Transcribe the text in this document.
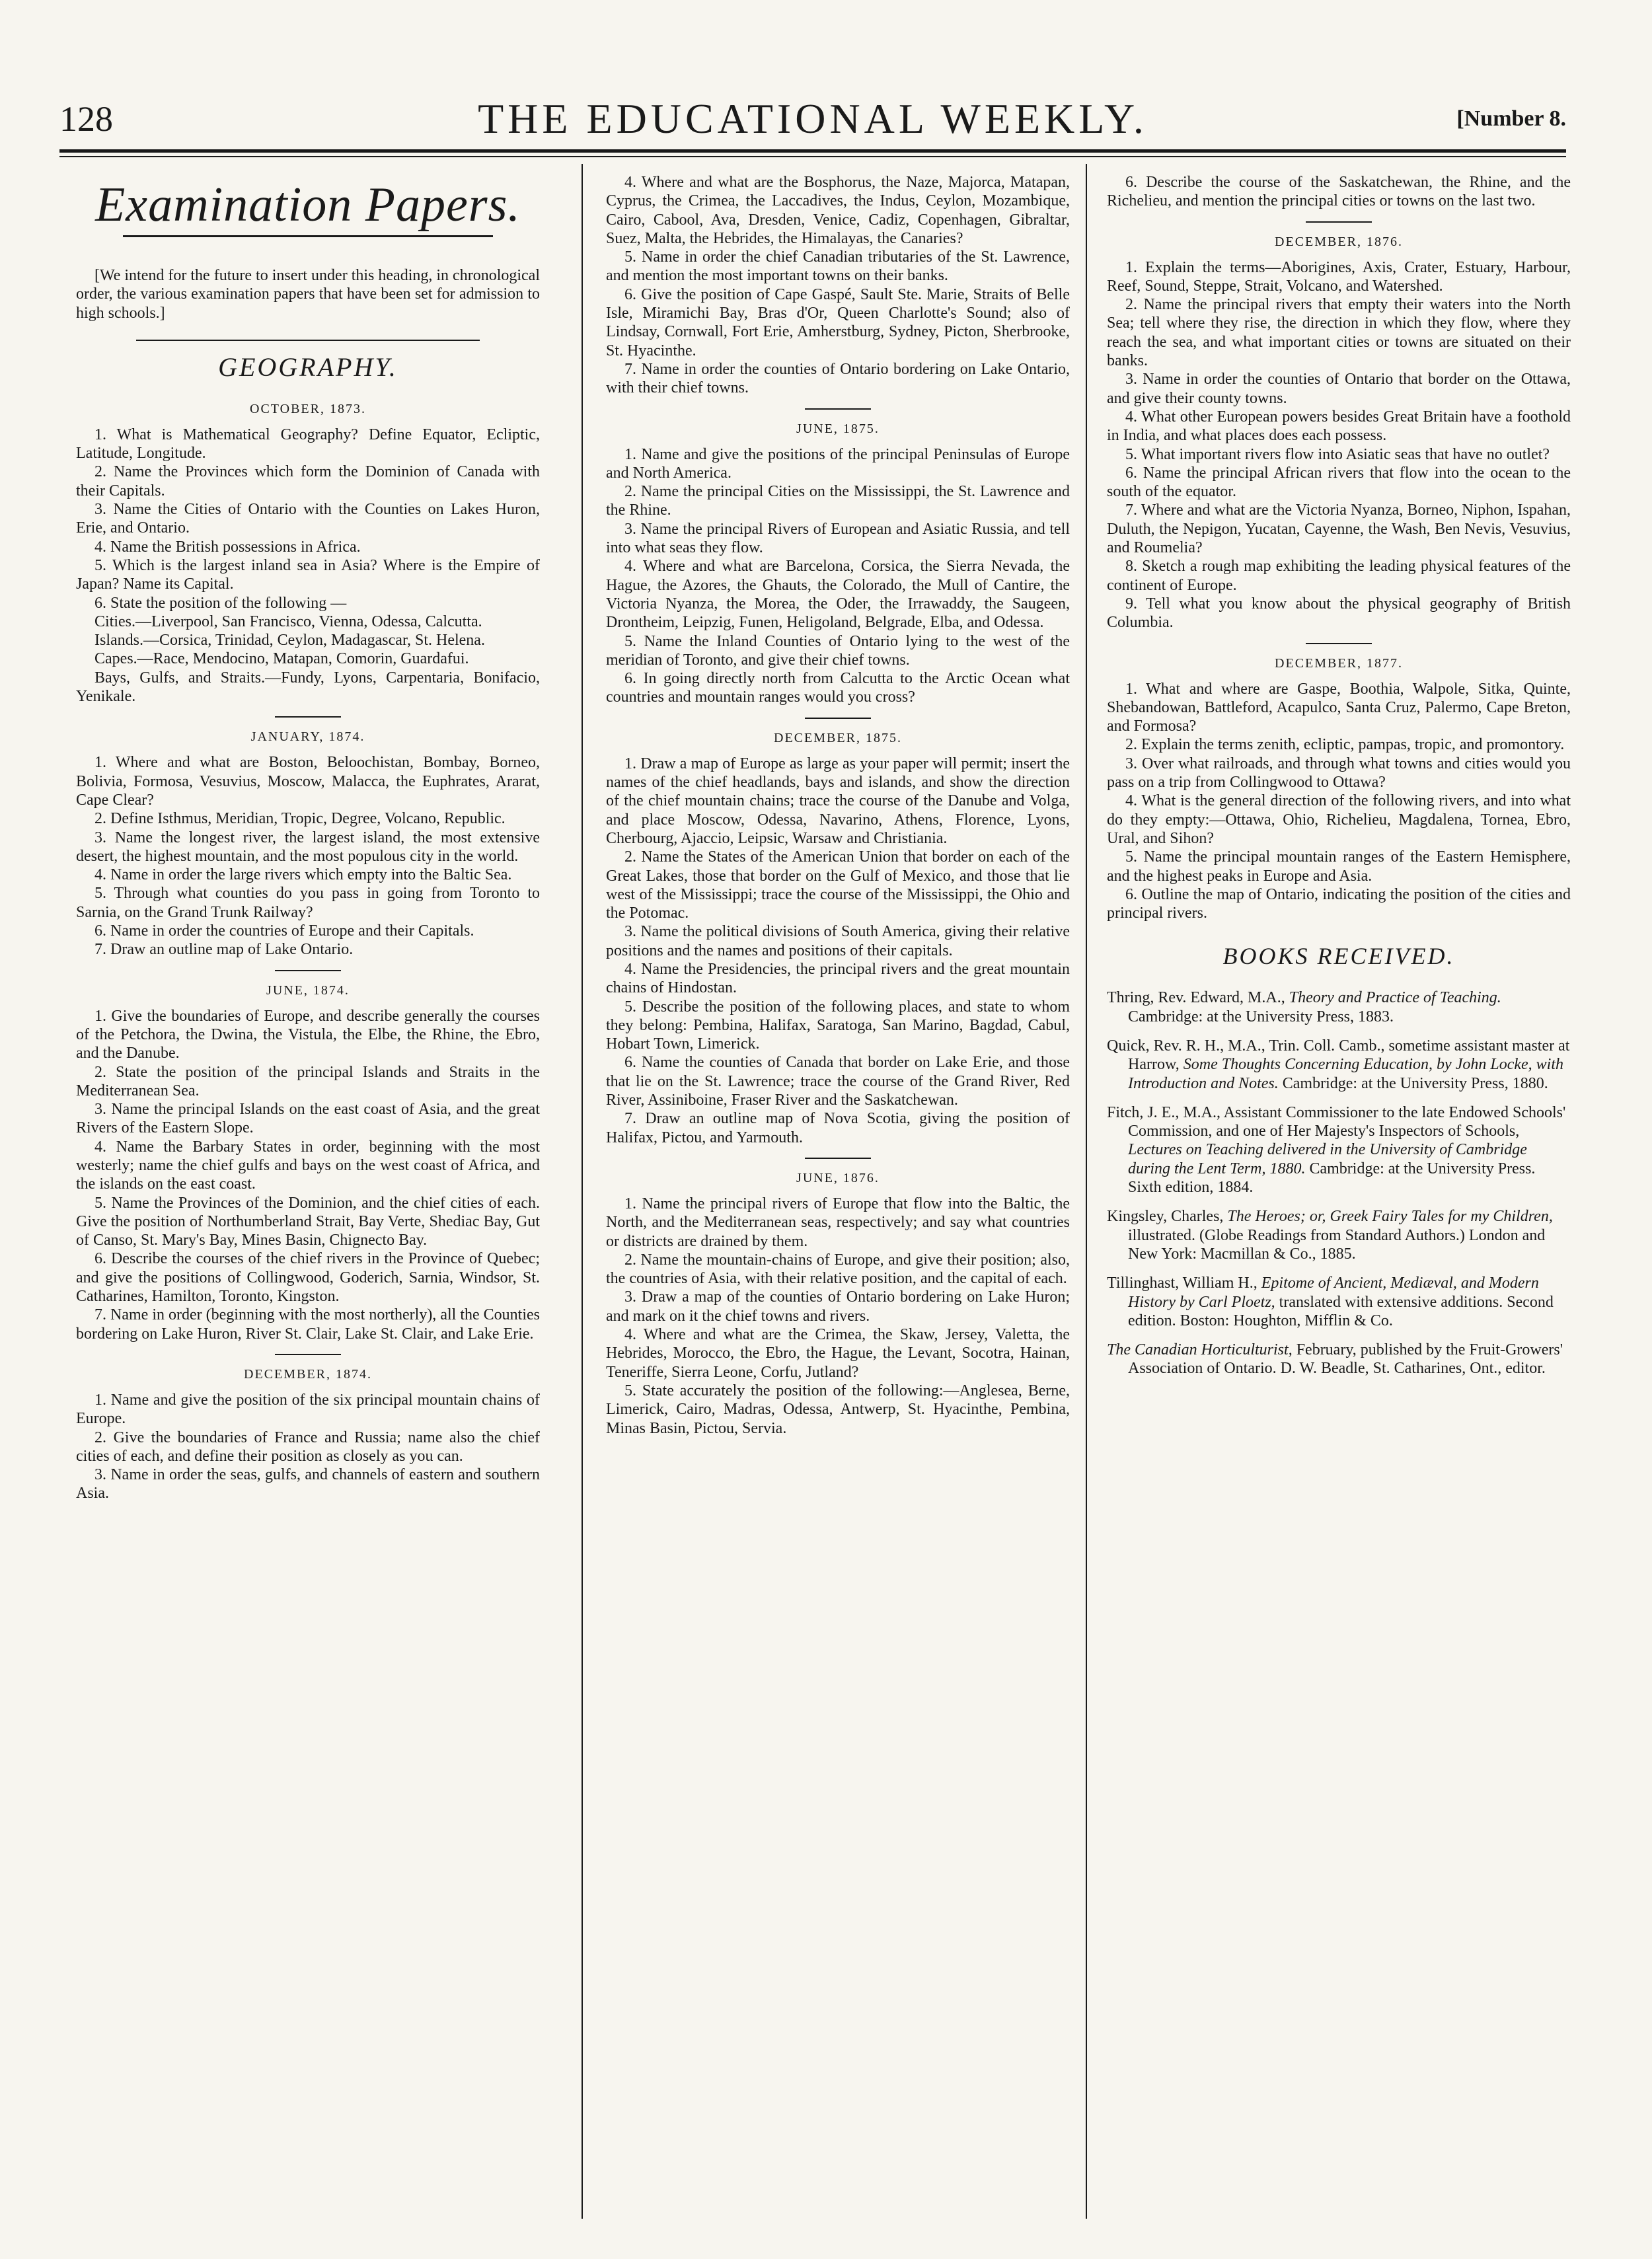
128	THE EDUCATIONAL WEEKLY.	[Number 8.
Examination Papers.

[We intend for the future to insert under this heading, in chronological order, the various examination papers that have been set for admission to high schools.]

GEOGRAPHY.
OCTOBER, 1873.

1. What is Mathematical Geography? Define Equator, Ecliptic, Latitude, Longitude.

2. Name the Provinces which form the Dominion of Canada with their Capitals.

3. Name the Cities of Ontario with the Counties on Lakes Huron, Erie, and Ontario.

4. Name the British possessions in Africa.

5. Which is the largest inland sea in Asia? Where is the Empire of Japan? Name its Capital.

6. State the position of the following —

Cities.—Liverpool, San Francisco, Vienna, Odessa, Calcutta.

Islands.—Corsica, Trinidad, Ceylon, Madagascar, St. Helena.

Capes.—Race, Mendocino, Matapan, Comorin, Guardafui.

Bays, Gulfs, and Straits.—Fundy, Lyons, Carpentaria, Bonifacio, Yenikale.

JANUARY, 1874.

1. Where and what are Boston, Beloochistan, Bombay, Borneo, Bolivia, Formosa, Vesuvius, Moscow, Malacca, the Euphrates, Ararat, Cape Clear?

2. Define Isthmus, Meridian, Tropic, Degree, Volcano, Republic.

3. Name the longest river, the largest island, the most extensive desert, the highest mountain, and the most populous city in the world.

4. Name in order the large rivers which empty into the Baltic Sea.

5. Through what counties do you pass in going from Toronto to Sarnia, on the Grand Trunk Railway?

6. Name in order the countries of Europe and their Capitals.

7. Draw an outline map of Lake Ontario.

JUNE, 1874.

1. Give the boundaries of Europe, and describe generally the courses of the Petchora, the Dwina, the Vistula, the Elbe, the Rhine, the Ebro, and the Danube.

2. State the position of the principal Islands and Straits in the Mediterranean Sea.

3. Name the principal Islands on the east coast of Asia, and the great Rivers of the Eastern Slope.

4. Name the Barbary States in order, beginning with the most westerly; name the chief gulfs and bays on the west coast of Africa, and the islands on the east coast.

5. Name the Provinces of the Dominion, and the chief cities of each. Give the position of Northumberland Strait, Bay Verte, Shediac Bay, Gut of Canso, St. Mary's Bay, Mines Basin, Chignecto Bay.

6. Describe the courses of the chief rivers in the Province of Quebec; and give the positions of Collingwood, Goderich, Sarnia, Windsor, St. Catharines, Hamilton, Toronto, Kingston.

7. Name in order (beginning with the most northerly), all the Counties bordering on Lake Huron, River St. Clair, Lake St. Clair, and Lake Erie.

DECEMBER, 1874.

1. Name and give the position of the six principal mountain chains of Europe.

2. Give the boundaries of France and Russia; name also the chief cities of each, and define their position as closely as you can.

3. Name in order the seas, gulfs, and channels of eastern and southern Asia.

4. Where and what are the Bosphorus, the Naze, Majorca, Matapan, Cyprus, the Crimea, the Laccadives, the Indus, Ceylon, Mozambique, Cairo, Cabool, Ava, Dresden, Venice, Cadiz, Copenhagen, Gibraltar, Suez, Malta, the Hebrides, the Himalayas, the Canaries?

5. Name in order the chief Canadian tributaries of the St. Lawrence, and mention the most important towns on their banks.

6. Give the position of Cape Gaspé, Sault Ste. Marie, Straits of Belle Isle, Miramichi Bay, Bras d'Or, Queen Charlotte's Sound; also of Lindsay, Cornwall, Fort Erie, Amherstburg, Sydney, Picton, Sherbrooke, St. Hyacinthe.

7. Name in order the counties of Ontario bordering on Lake Ontario, with their chief towns.

JUNE, 1875.

1. Name and give the positions of the principal Peninsulas of Europe and North America.

2. Name the principal Cities on the Mississippi, the St. Lawrence and the Rhine.

3. Name the principal Rivers of European and Asiatic Russia, and tell into what seas they flow.

4. Where and what are Barcelona, Corsica, the Sierra Nevada, the Hague, the Azores, the Ghauts, the Colorado, the Mull of Cantire, the Victoria Nyanza, the Morea, the Oder, the Irrawaddy, the Saugeen, Drontheim, Leipzig, Funen, Heligoland, Belgrade, Elba, and Odessa.

5. Name the Inland Counties of Ontario lying to the west of the meridian of Toronto, and give their chief towns.

6. In going directly north from Calcutta to the Arctic Ocean what countries and mountain ranges would you cross?

DECEMBER, 1875.

1. Draw a map of Europe as large as your paper will permit; insert the names of the chief headlands, bays and islands, and show the direction of the chief mountain chains; trace the course of the Danube and Volga, and place Moscow, Odessa, Navarino, Athens, Florence, Lyons, Cherbourg, Ajaccio, Leipsic, Warsaw and Christiania.

2. Name the States of the American Union that border on each of the Great Lakes, those that border on the Gulf of Mexico, and those that lie west of the Mississippi; trace the course of the Mississippi, the Ohio and the Potomac.

3. Name the political divisions of South America, giving their relative positions and the names and positions of their capitals.

4. Name the Presidencies, the principal rivers and the great mountain chains of Hindostan.

5. Describe the position of the following places, and state to whom they belong: Pembina, Halifax, Saratoga, San Marino, Bagdad, Cabul, Hobart Town, Limerick.

6. Name the counties of Canada that border on Lake Erie, and those that lie on the St. Lawrence; trace the course of the Grand River, Red River, Assiniboine, Fraser River and the Saskatchewan.

7. Draw an outline map of Nova Scotia, giving the position of Halifax, Pictou, and Yarmouth.

JUNE, 1876.

1. Name the principal rivers of Europe that flow into the Baltic, the North, and the Mediterranean seas, respectively; and say what countries or districts are drained by them.

2. Name the mountain-chains of Europe, and give their position; also, the countries of Asia, with their relative position, and the capital of each.

3. Draw a map of the counties of Ontario bordering on Lake Huron; and mark on it the chief towns and rivers.

4. Where and what are the Crimea, the Skaw, Jersey, Valetta, the Hebrides, Morocco, the Ebro, the Hague, the Levant, Socotra, Hainan, Teneriffe, Sierra Leone, Corfu, Jutland?

5. State accurately the position of the following:—Anglesea, Berne, Limerick, Cairo, Madras, Odessa, Antwerp, St. Hyacinthe, Pembina, Minas Basin, Pictou, Servia.

6. Describe the course of the Saskatchewan, the Rhine, and the Richelieu, and mention the principal cities or towns on the last two.

DECEMBER, 1876.

1. Explain the terms—Aborigines, Axis, Crater, Estuary, Harbour, Reef, Sound, Steppe, Strait, Volcano, and Watershed.

2. Name the principal rivers that empty their waters into the North Sea; tell where they rise, the direction in which they flow, where they reach the sea, and what important cities or towns are situated on their banks.

3. Name in order the counties of Ontario that border on the Ottawa, and give their county towns.

4. What other European powers besides Great Britain have a foothold in India, and what places does each possess.

5. What important rivers flow into Asiatic seas that have no outlet?

6. Name the principal African rivers that flow into the ocean to the south of the equator.

7. Where and what are the Victoria Nyanza, Borneo, Niphon, Ispahan, Duluth, the Nepigon, Yucatan, Cayenne, the Wash, Ben Nevis, Vesuvius, and Roumelia?

8. Sketch a rough map exhibiting the leading physical features of the continent of Europe.

9. Tell what you know about the physical geography of British Columbia.

DECEMBER, 1877.

1. What and where are Gaspe, Boothia, Walpole, Sitka, Quinte, Shebandowan, Battleford, Acapulco, Santa Cruz, Palermo, Cape Breton, and Formosa?

2. Explain the terms zenith, ecliptic, pampas, tropic, and promontory.

3. Over what railroads, and through what towns and cities would you pass on a trip from Collingwood to Ottawa?

4. What is the general direction of the following rivers, and into what do they empty:—Ottawa, Ohio, Richelieu, Magdalena, Tornea, Ebro, Ural, and Sihon?

5. Name the principal mountain ranges of the Eastern Hemisphere, and the highest peaks in Europe and Asia.

6. Outline the map of Ontario, indicating the position of the cities and principal rivers.

BOOKS RECEIVED.

Thring, Rev. Edward, M.A., Theory and Practice of Teaching. Cambridge: at the University Press, 1883.

Quick, Rev. R. H., M.A., Trin. Coll. Camb., sometime assistant master at Harrow, Some Thoughts Concerning Education, by John Locke, with Introduction and Notes. Cambridge: at the University Press, 1880.

Fitch, J. E., M.A., Assistant Commissioner to the late Endowed Schools' Commission, and one of Her Majesty's Inspectors of Schools, Lectures on Teaching delivered in the University of Cambridge during the Lent Term, 1880. Cambridge: at the University Press. Sixth edition, 1884.

Kingsley, Charles, The Heroes; or, Greek Fairy Tales for my Children, illustrated. (Globe Readings from Standard Authors.) London and New York: Macmillan & Co., 1885.

Tillinghast, William H., Epitome of Ancient, Mediæval, and Modern History by Carl Ploetz, translated with extensive additions. Second edition. Boston: Houghton, Mifflin & Co.

The Canadian Horticulturist, February, published by the Fruit-Growers' Association of Ontario. D. W. Beadle, St. Catharines, Ont., editor.
